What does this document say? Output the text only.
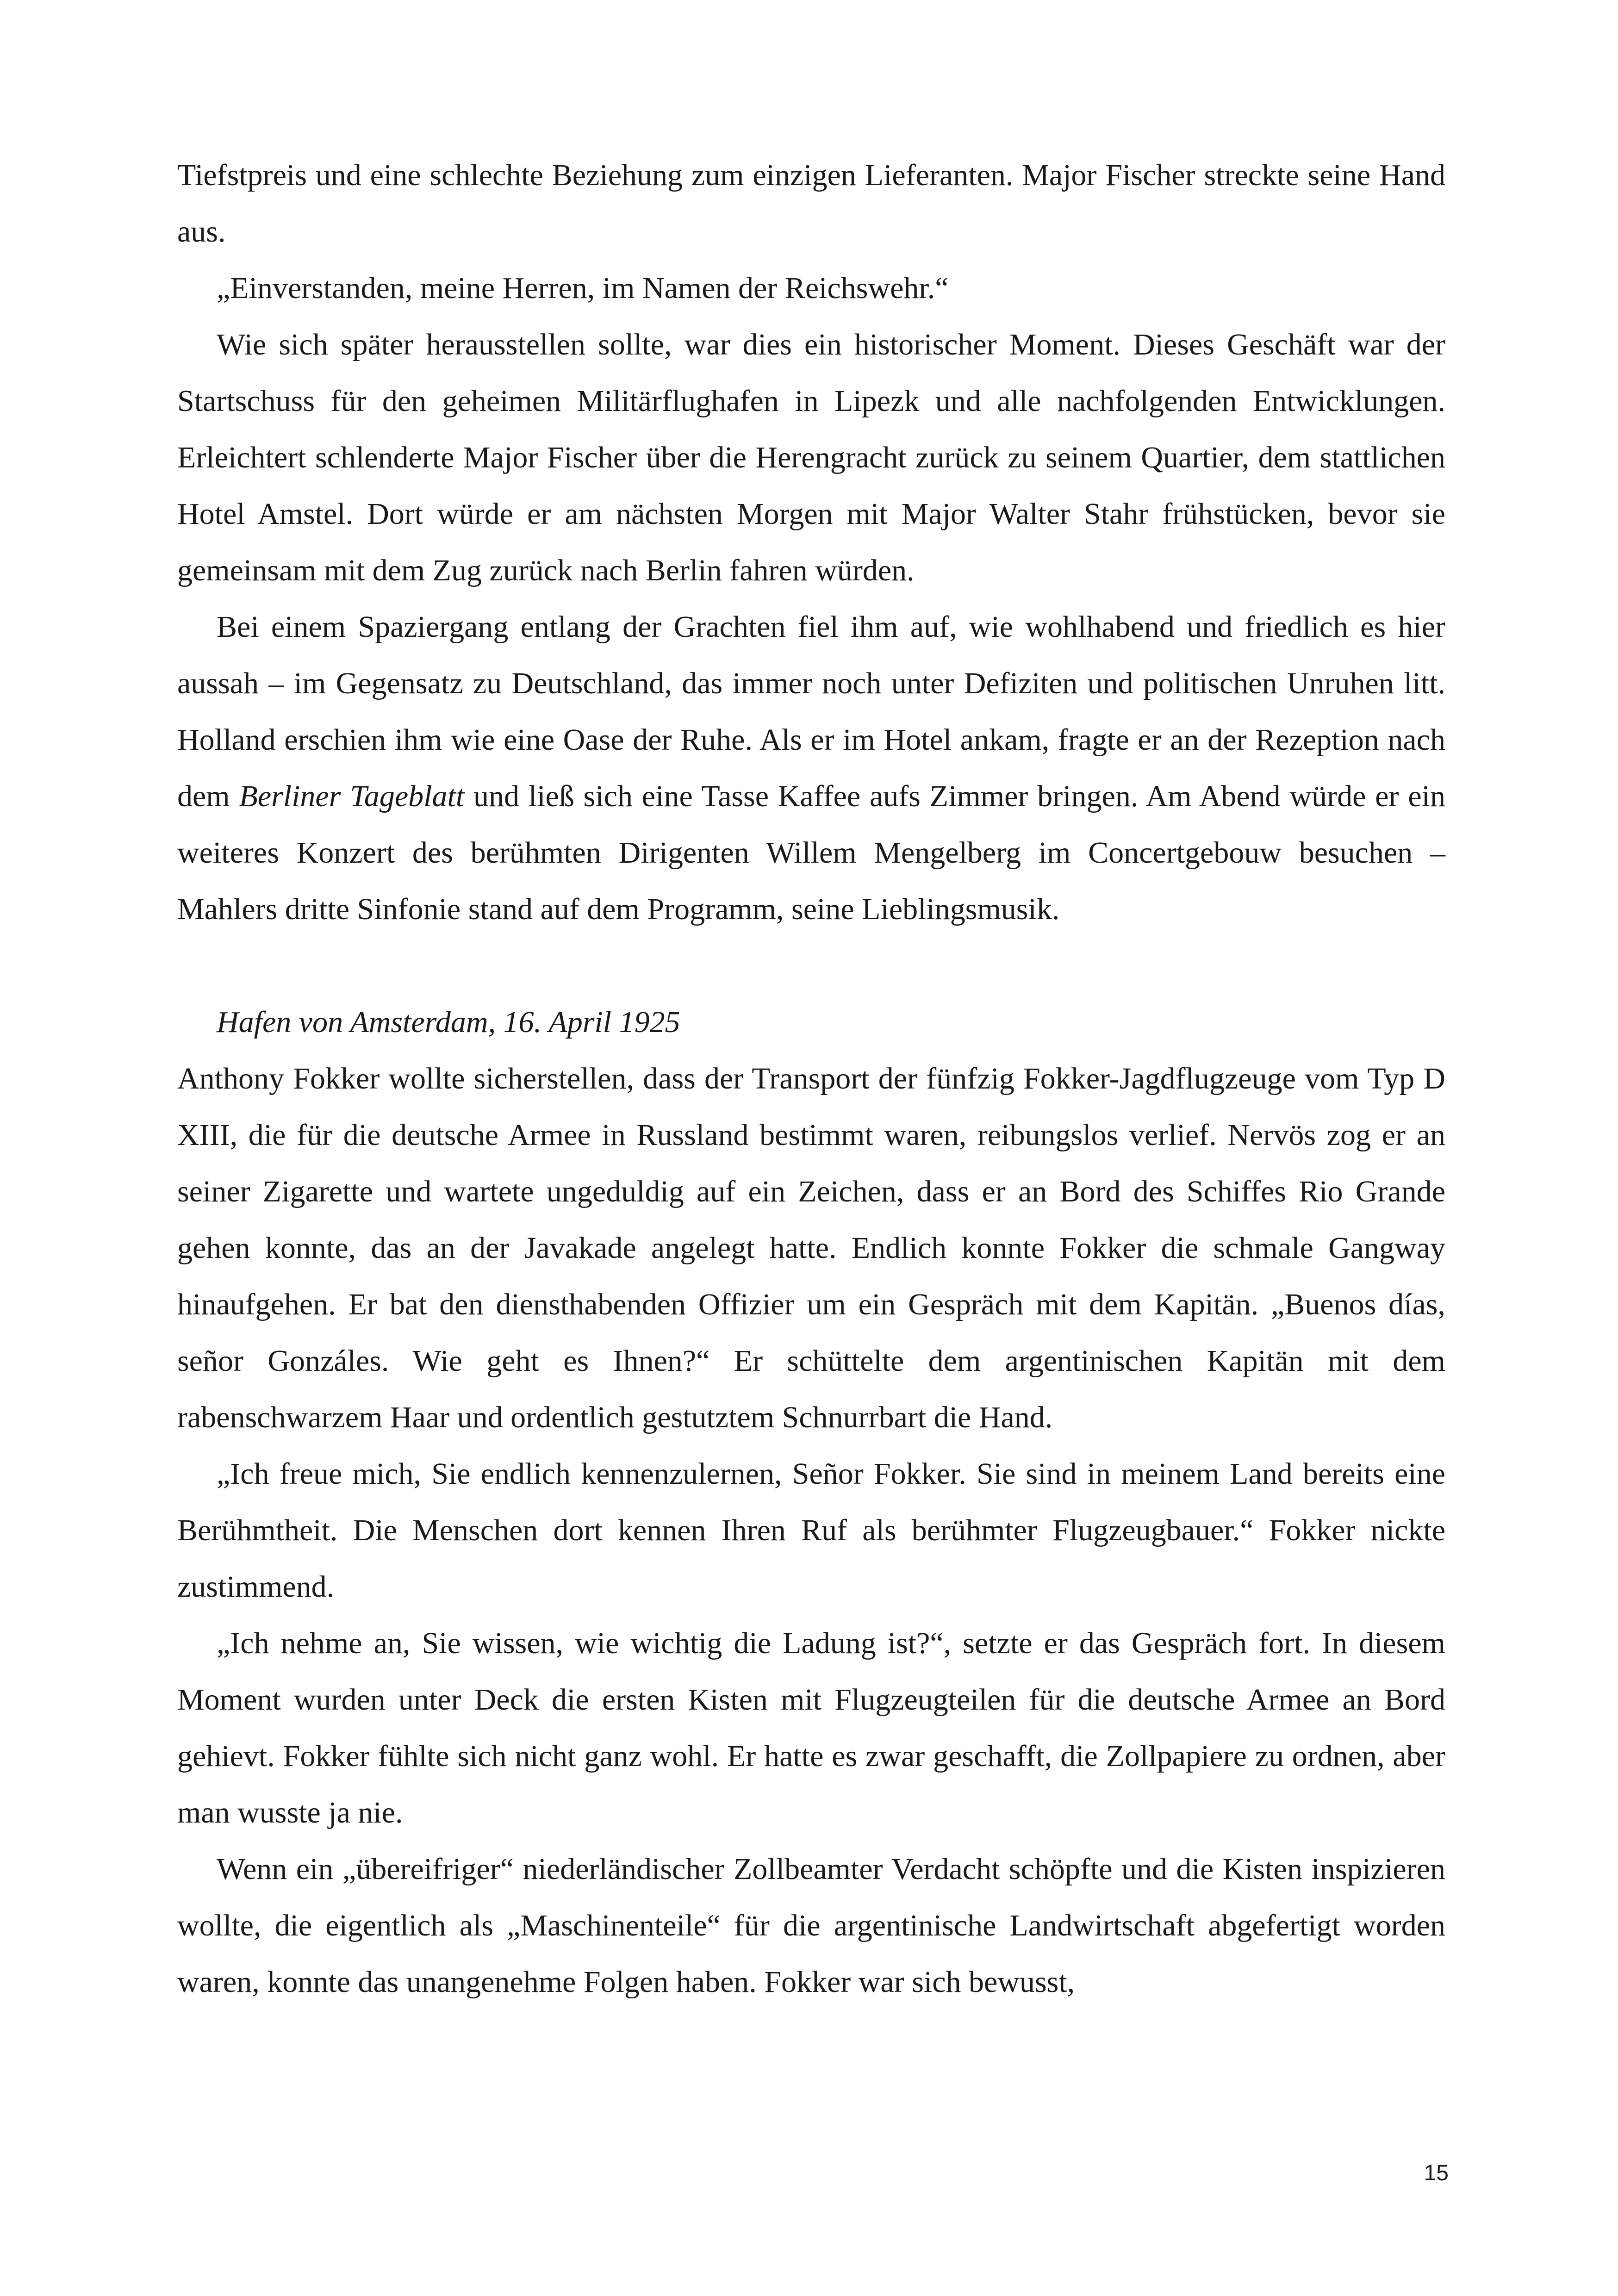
Tiefstpreis und eine schlechte Beziehung zum einzigen Lieferanten. Major Fischer streckte seine Hand aus.

„Einverstanden, meine Herren, im Namen der Reichswehr.“

Wie sich später herausstellen sollte, war dies ein historischer Moment. Dieses Geschäft war der Startschuss für den geheimen Militärflughafen in Lipezk und alle nachfolgenden Entwicklungen. Erleichtert schlenderte Major Fischer über die Herengracht zurück zu seinem Quartier, dem stattlichen Hotel Amstel. Dort würde er am nächsten Morgen mit Major Walter Stahr frühstücken, bevor sie gemeinsam mit dem Zug zurück nach Berlin fahren würden.

Bei einem Spaziergang entlang der Grachten fiel ihm auf, wie wohlhabend und friedlich es hier aussah – im Gegensatz zu Deutschland, das immer noch unter Defiziten und politischen Unruhen litt. Holland erschien ihm wie eine Oase der Ruhe. Als er im Hotel ankam, fragte er an der Rezeption nach dem Berliner Tageblatt und ließ sich eine Tasse Kaffee aufs Zimmer bringen. Am Abend würde er ein weiteres Konzert des berühmten Dirigenten Willem Mengelberg im Concertgebouw besuchen – Mahlers dritte Sinfonie stand auf dem Programm, seine Lieblingsmusik.

Hafen von Amsterdam, 16. April 1925

Anthony Fokker wollte sicherstellen, dass der Transport der fünfzig Fokker-Jagdflugzeuge vom Typ D XIII, die für die deutsche Armee in Russland bestimmt waren, reibungslos verlief. Nervös zog er an seiner Zigarette und wartete ungeduldig auf ein Zeichen, dass er an Bord des Schiffes Rio Grande gehen konnte, das an der Javakade angelegt hatte. Endlich konnte Fokker die schmale Gangway hinaufgehen. Er bat den diensthabenden Offizier um ein Gespräch mit dem Kapitän. „Buenos días, señor Gonzáles. Wie geht es Ihnen?“ Er schüttelte dem argentinischen Kapitän mit dem rabenschwarzem Haar und ordentlich gestutztem Schnurrbart die Hand.

„Ich freue mich, Sie endlich kennenzulernen, Señor Fokker. Sie sind in meinem Land bereits eine Berühmtheit. Die Menschen dort kennen Ihren Ruf als berühmter Flugzeugbauer.“ Fokker nickte zustimmend.

„Ich nehme an, Sie wissen, wie wichtig die Ladung ist?“, setzte er das Gespräch fort. In diesem Moment wurden unter Deck die ersten Kisten mit Flugzeugteilen für die deutsche Armee an Bord gehievt. Fokker fühlte sich nicht ganz wohl. Er hatte es zwar geschafft, die Zollpapiere zu ordnen, aber man wusste ja nie.

Wenn ein „übereifriger“ niederländischer Zollbeamter Verdacht schöpfte und die Kisten inspizieren wollte, die eigentlich als „Maschinenteile“ für die argentinische Landwirtschaft abgefertigt worden waren, konnte das unangenehme Folgen haben. Fokker war sich bewusst,

15
